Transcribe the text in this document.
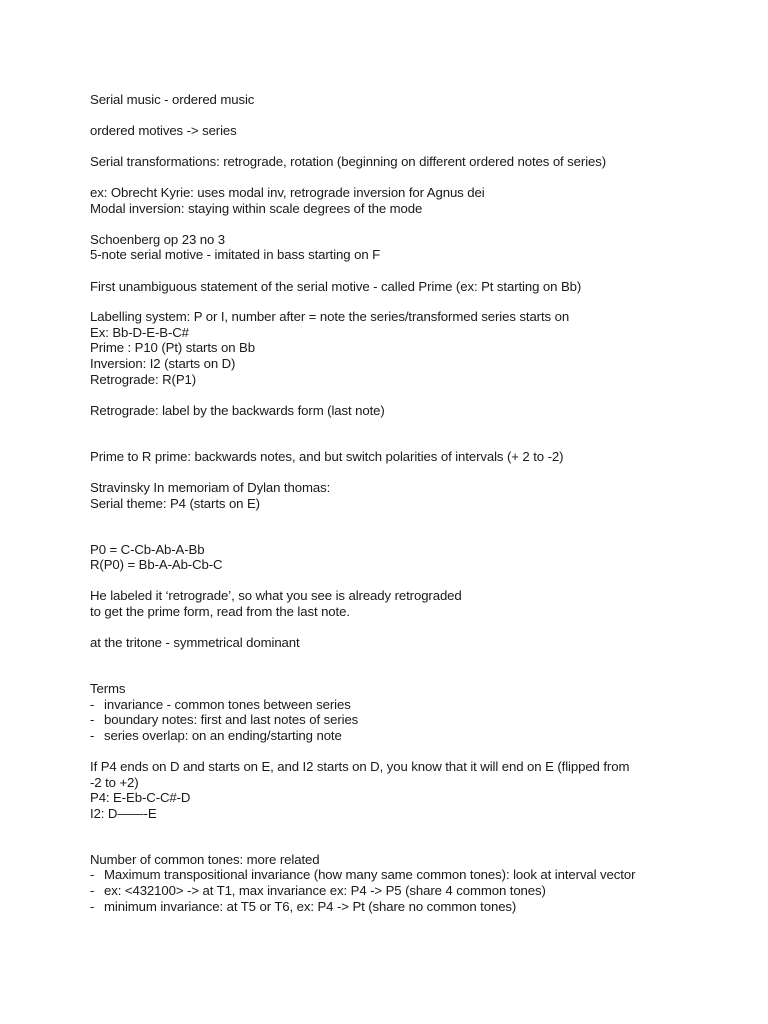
Serial music - ordered music
ordered motives -> series
Serial transformations: retrograde, rotation (beginning on different ordered notes of series)
ex: Obrecht Kyrie: uses modal inv, retrograde inversion for Agnus dei
Modal inversion: staying within scale degrees of the mode
Schoenberg op 23 no 3
5-note serial motive - imitated in bass starting on F
First unambiguous statement of the serial motive - called Prime (ex: Pt starting on Bb)
Labelling system: P or I, number after = note the series/transformed series starts on
Ex: Bb-D-E-B-C#
Prime : P10 (Pt) starts on Bb
Inversion: I2 (starts on D)
Retrograde: R(P1)
Retrograde: label by the backwards form (last note)
Prime to R prime: backwards notes, and but switch polarities of intervals (+ 2 to -2)
Stravinsky In memoriam of Dylan thomas:
Serial theme: P4 (starts on E)
P0 = C-Cb-Ab-A-Bb
R(P0) = Bb-A-Ab-Cb-C
He labeled it ‘retrograde’, so what you see is already retrograded
to get the prime form, read from the last note.
at the tritone - symmetrical dominant
Terms
- invariance - common tones between series
- boundary notes: first and last notes of series
- series overlap: on an ending/starting note
If P4 ends on D and starts on E, and I2 starts on D, you know that it will end on E (flipped from
-2 to +2)
P4: E-Eb-C-C#-D
I2: D——-E
Number of common tones: more related
- Maximum transpositional invariance (how many same common tones): look at interval vector
- ex: <432100> -> at T1, max invariance ex: P4 -> P5 (share 4 common tones)
- minimum invariance: at T5 or T6, ex: P4 -> Pt (share no common tones)
